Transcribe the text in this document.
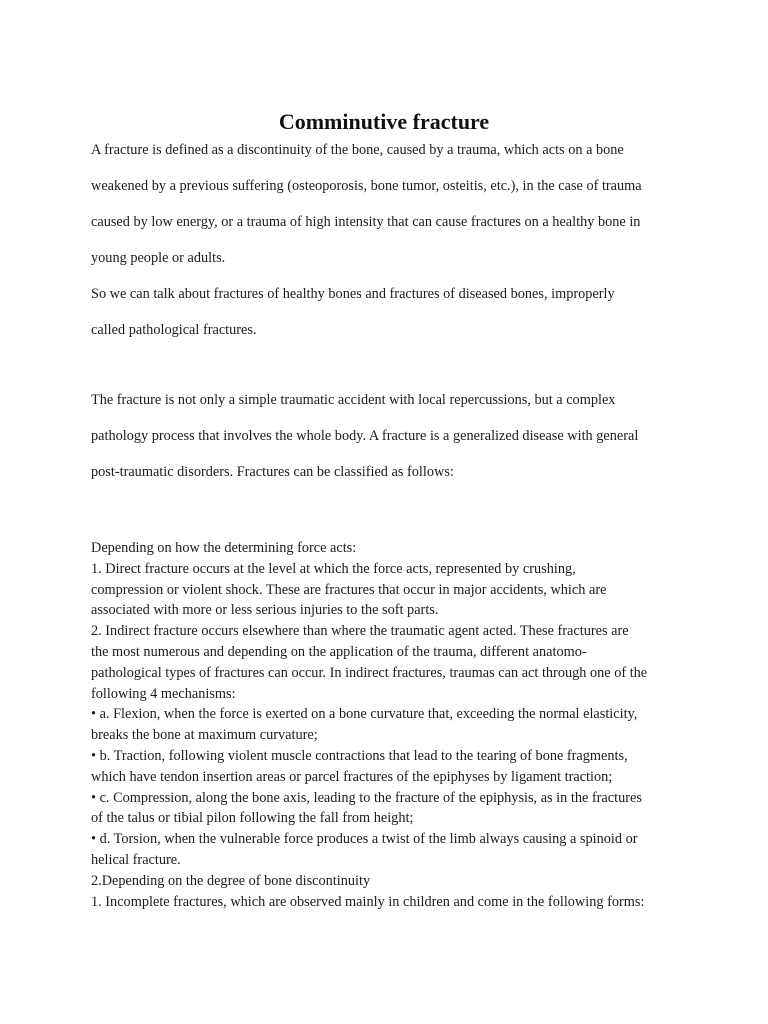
Comminutive fracture

A fracture is defined as a discontinuity of the bone, caused by a trauma, which acts on a bone
weakened by a previous suffering (osteoporosis, bone tumor, osteitis, etc.), in the case of trauma
caused by low energy, or a trauma of high intensity that can cause fractures on a healthy bone in
young people or adults.
So we can talk about fractures of healthy bones and fractures of diseased bones, improperly
called pathological fractures.

The fracture is not only a simple traumatic accident with local repercussions, but a complex
pathology process that involves the whole body. A fracture is a generalized disease with general
post-traumatic disorders. Fractures can be classified as follows:

Depending on how the determining force acts:
1. Direct fracture occurs at the level at which the force acts, represented by crushing,
compression or violent shock. These are fractures that occur in major accidents, which are
associated with more or less serious injuries to the soft parts.
2. Indirect fracture occurs elsewhere than where the traumatic agent acted. These fractures are
the most numerous and depending on the application of the trauma, different anatomo-
pathological types of fractures can occur. In indirect fractures, traumas can act through one of the
following 4 mechanisms:
• a. Flexion, when the force is exerted on a bone curvature that, exceeding the normal elasticity,
breaks the bone at maximum curvature;
• b. Traction, following violent muscle contractions that lead to the tearing of bone fragments,
which have tendon insertion areas or parcel fractures of the epiphyses by ligament traction;
• c. Compression, along the bone axis, leading to the fracture of the epiphysis, as in the fractures
of the talus or tibial pilon following the fall from height;
• d. Torsion, when the vulnerable force produces a twist of the limb always causing a spinoid or
helical fracture.
2.Depending on the degree of bone discontinuity
1. Incomplete fractures, which are observed mainly in children and come in the following forms:
